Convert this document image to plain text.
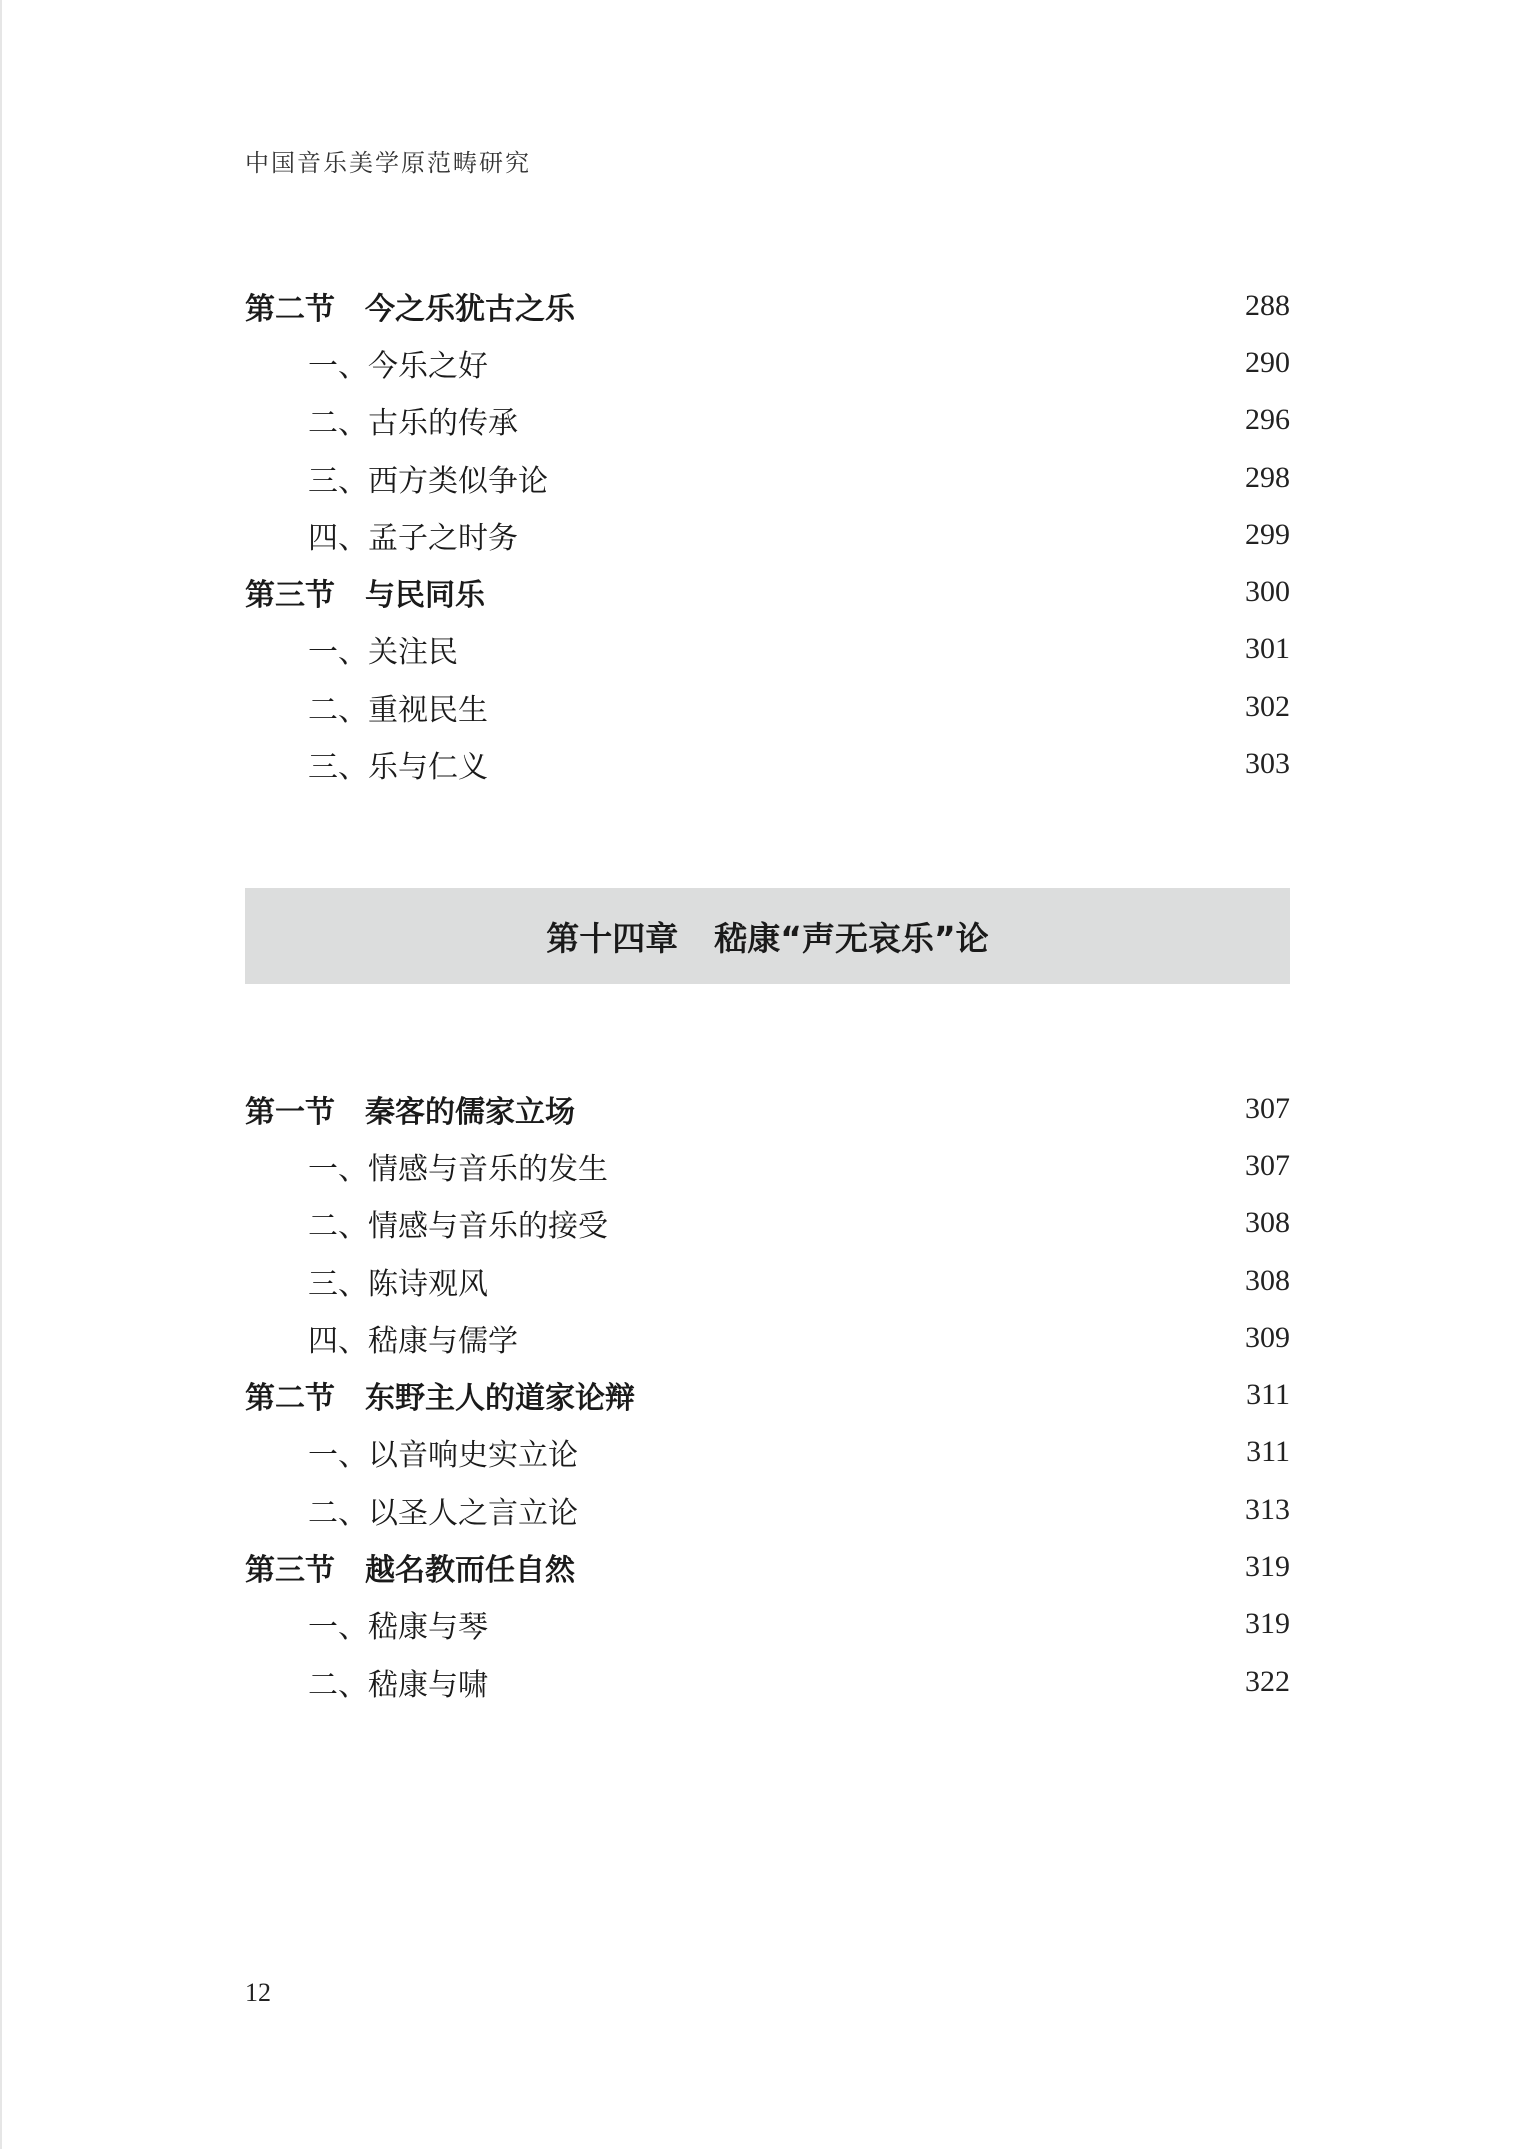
中国音乐美学原范畴研究
第二节 今之乐犹古之乐	288
一、今乐之好	290
二、古乐的传承	296
三、西方类似争论	298
四、孟子之时务	299
第三节 与民同乐	300
一、关注民	301
二、重视民生	302
三、乐与仁义	303
第十四章 嵇康“声无哀乐”论
第一节 秦客的儒家立场	307
一、情感与音乐的发生	307
二、情感与音乐的接受	308
三、陈诗观风	308
四、嵇康与儒学	309
第二节 东野主人的道家论辩	311
一、以音响史实立论	311
二、以圣人之言立论	313
第三节 越名教而任自然	319
一、嵇康与琴	319
二、嵇康与啸	322
12
